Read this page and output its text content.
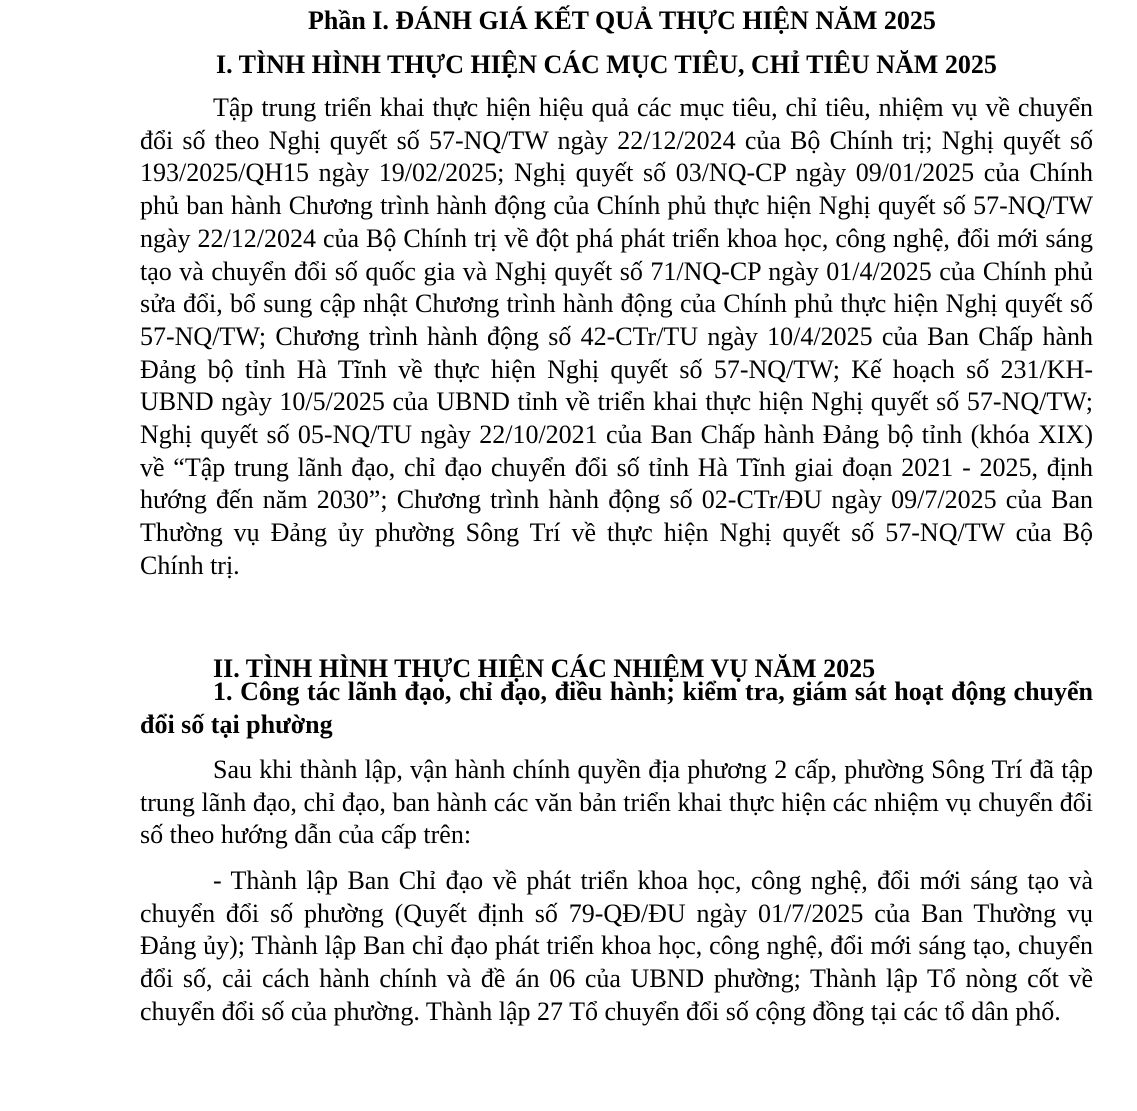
Phần I. ĐÁNH GIÁ KẾT QUẢ THỰC HIỆN NĂM 2025
I. TÌNH HÌNH THỰC HIỆN CÁC MỤC TIÊU, CHỈ TIÊU NĂM 2025

Tập trung triển khai thực hiện hiệu quả các mục tiêu, chỉ tiêu, nhiệm vụ về chuyển đổi số theo Nghị quyết số 57-NQ/TW ngày 22/12/2024 của Bộ Chính trị; Nghị quyết số 193/2025/QH15 ngày 19/02/2025; Nghị quyết số 03/NQ-CP ngày 09/01/2025 của Chính phủ ban hành Chương trình hành động của Chính phủ thực hiện Nghị quyết số 57-NQ/TW ngày 22/12/2024 của Bộ Chính trị về đột phá phát triển khoa học, công nghệ, đổi mới sáng tạo và chuyển đổi số quốc gia và Nghị quyết số 71/NQ-CP ngày 01/4/2025 của Chính phủ sửa đổi, bổ sung cập nhật Chương trình hành động của Chính phủ thực hiện Nghị quyết số 57-NQ/TW; Chương trình hành động số 42-CTr/TU ngày 10/4/2025 của Ban Chấp hành Đảng bộ tỉnh Hà Tĩnh về thực hiện Nghị quyết số 57-NQ/TW; Kế hoạch số 231/KH-UBND ngày 10/5/2025 của UBND tỉnh về triển khai thực hiện Nghị quyết số 57-NQ/TW; Nghị quyết số 05-NQ/TU ngày 22/10/2021 của Ban Chấp hành Đảng bộ tỉnh (khóa XIX) về “Tập trung lãnh đạo, chỉ đạo chuyển đổi số tỉnh Hà Tĩnh giai đoạn 2021 - 2025, định hướng đến năm 2030”; Chương trình hành động số 02-CTr/ĐU ngày 09/7/2025 của Ban Thường vụ Đảng ủy phường Sông Trí về thực hiện Nghị quyết số 57-NQ/TW của Bộ Chính trị.

II. TÌNH HÌNH THỰC HIỆN CÁC NHIỆM VỤ NĂM 2025
1. Công tác lãnh đạo, chỉ đạo, điều hành; kiểm tra, giám sát hoạt động chuyển đổi số tại phường

Sau khi thành lập, vận hành chính quyền địa phương 2 cấp, phường Sông Trí đã tập trung lãnh đạo, chỉ đạo, ban hành các văn bản triển khai thực hiện các nhiệm vụ chuyển đổi số theo hướng dẫn của cấp trên:

- Thành lập Ban Chỉ đạo về phát triển khoa học, công nghệ, đổi mới sáng tạo và chuyển đổi số phường (Quyết định số 79-QĐ/ĐU ngày 01/7/2025 của Ban Thường vụ Đảng ủy); Thành lập Ban chỉ đạo phát triển khoa học, công nghệ, đổi mới sáng tạo, chuyển đổi số, cải cách hành chính và đề án 06 của UBND phường; Thành lập Tổ nòng cốt về chuyển đổi số của phường. Thành lập 27 Tổ chuyển đổi số cộng đồng tại các tổ dân phố.
